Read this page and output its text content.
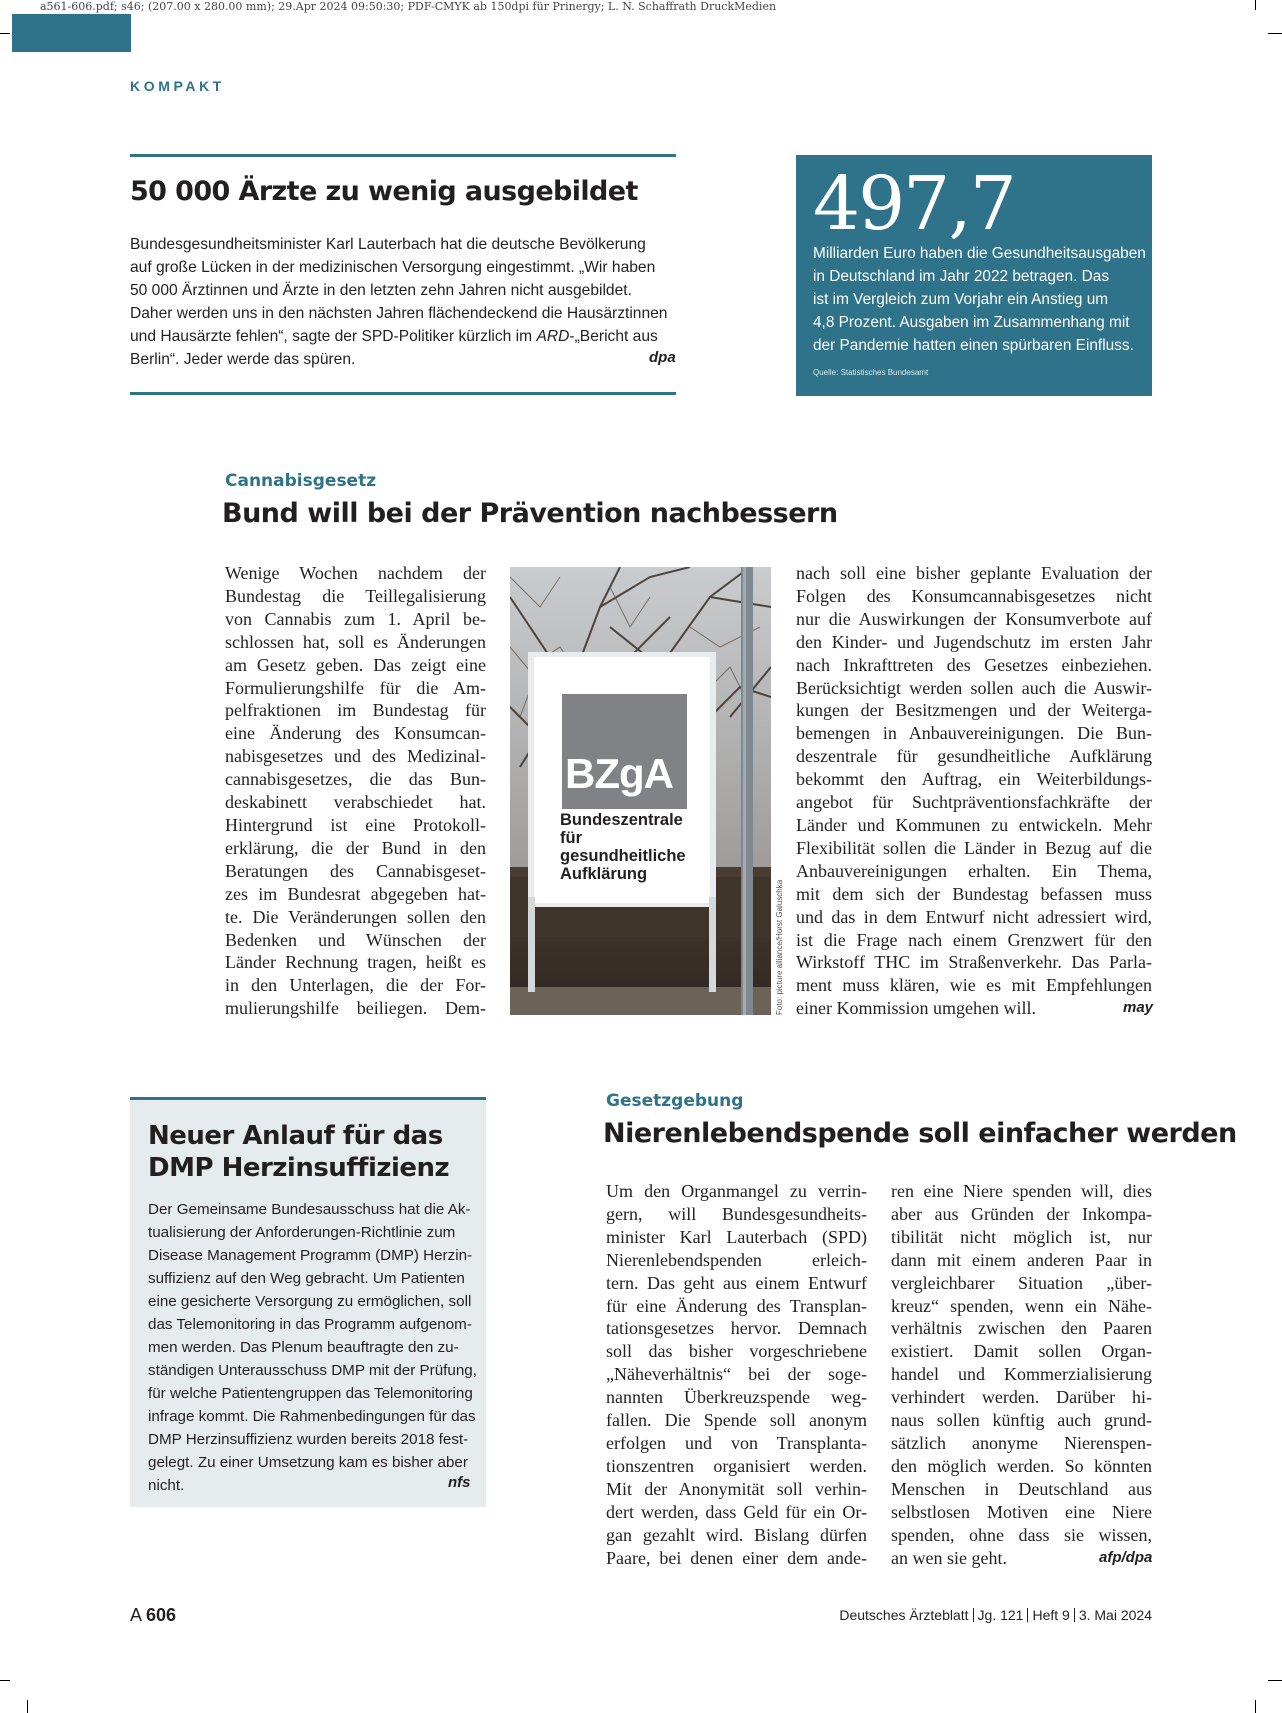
a561-606.pdf; s46; (207.00 x 280.00 mm); 29.Apr 2024 09:50:30; PDF-CMYK ab 150dpi für Prinergy; L. N. Schaffrath DruckMedien
KOMPAKT
50 000 Ärzte zu wenig ausgebildet
Bundesgesundheitsminister Karl Lauterbach hat die deutsche Bevölkerung
auf große Lücken in der medizinischen Versorgung eingestimmt. „Wir haben
50 000 Ärztinnen und Ärzte in den letzten zehn Jahren nicht ausgebildet.
Daher werden uns in den nächsten Jahren flächendeckend die Hausärztinnen
und Hausärzte fehlen“, sagte der SPD-Politiker kürzlich im ARD-„Bericht aus
Berlin“. Jeder werde das spüren.	dpa
497,7
Milliarden Euro haben die Gesundheitsausgaben
in Deutschland im Jahr 2022 betragen. Das
ist im Vergleich zum Vorjahr ein Anstieg um
4,8 Prozent. Ausgaben im Zusammenhang mit
der Pandemie hatten einen spürbaren Einfluss.
Quelle: Statistisches Bundesamt
Cannabisgesetz
Bund will bei der Prävention nachbessern
Wenige Wochen nachdem der
Bundestag die Teillegalisierung
von Cannabis zum 1. April be-
schlossen hat, soll es Änderungen
am Gesetz geben. Das zeigt eine
Formulierungshilfe für die Am-
pelfraktionen im Bundestag für
eine Änderung des Konsumcan-
nabisgesetzes und des Medizinal-
cannabisgesetzes, die das Bun-
deskabinett verabschiedet hat.
Hintergrund ist eine Protokoll-
erklärung, die der Bund in den
Beratungen des Cannabisgeset-
zes im Bundesrat abgegeben hat-
te. Die Veränderungen sollen den
Bedenken und Wünschen der
Länder Rechnung tragen, heißt es
in den Unterlagen, die der For-
mulierungshilfe beiliegen. Dem-
BZgA
Bundeszentrale
für
gesundheitliche
Aufklärung
Foto: picture alliance/Horst Galuschka
nach soll eine bisher geplante Evaluation der
Folgen des Konsumcannabisgesetzes nicht
nur die Auswirkungen der Konsumverbote auf
den Kinder- und Jugendschutz im ersten Jahr
nach Inkrafttreten des Gesetzes einbeziehen.
Berücksichtigt werden sollen auch die Auswir-
kungen der Besitzmengen und der Weiterga-
bemengen in Anbauvereinigungen. Die Bun-
deszentrale für gesundheitliche Aufklärung
bekommt den Auftrag, ein Weiterbildungs-
angebot für Suchtpräventionsfachkräfte der
Länder und Kommunen zu entwickeln. Mehr
Flexibilität sollen die Länder in Bezug auf die
Anbauvereinigungen erhalten. Ein Thema,
mit dem sich der Bundestag befassen muss
und das in dem Entwurf nicht adressiert wird,
ist die Frage nach einem Grenzwert für den
Wirkstoff THC im Straßenverkehr. Das Parla-
ment muss klären, wie es mit Empfehlungen
einer Kommission umgehen will.	may
Neuer Anlauf für das
DMP Herzinsuffizienz
Der Gemeinsame Bundesausschuss hat die Ak-
tualisierung der Anforderungen-Richtlinie zum
Disease Management Programm (DMP) Herzin-
suffizienz auf den Weg gebracht. Um Patienten
eine gesicherte Versorgung zu ermöglichen, soll
das Telemonitoring in das Programm aufgenom-
men werden. Das Plenum beauftragte den zu-
ständigen Unterausschuss DMP mit der Prüfung,
für welche Patientengruppen das Telemonitoring
infrage kommt. Die Rahmenbedingungen für das
DMP Herzinsuffizienz wurden bereits 2018 fest-
gelegt. Zu einer Umsetzung kam es bisher aber
nicht.	nfs
Gesetzgebung
Nierenlebendspende soll einfacher werden
Um den Organmangel zu verrin-
gern, will Bundesgesundheits-
minister Karl Lauterbach (SPD)
Nierenlebendspenden erleich-
tern. Das geht aus einem Entwurf
für eine Änderung des Transplan-
tationsgesetzes hervor. Demnach
soll das bisher vorgeschriebene
„Näheverhältnis“ bei der soge-
nannten Überkreuzspende weg-
fallen. Die Spende soll anonym
erfolgen und von Transplanta-
tionszentren organisiert werden.
Mit der Anonymität soll verhin-
dert werden, dass Geld für ein Or-
gan gezahlt wird. Bislang dürfen
Paare, bei denen einer dem ande-
ren eine Niere spenden will, dies
aber aus Gründen der Inkompa-
tibilität nicht möglich ist, nur
dann mit einem anderen Paar in
vergleichbarer Situation „über-
kreuz“ spenden, wenn ein Nähe-
verhältnis zwischen den Paaren
existiert. Damit sollen Organ-
handel und Kommerzialisierung
verhindert werden. Darüber hi-
naus sollen künftig auch grund-
sätzlich anonyme Nierenspen-
den möglich werden. So könnten
Menschen in Deutschland aus
selbstlosen Motiven eine Niere
spenden, ohne dass sie wissen,
an wen sie geht.	afp/dpa
A 606	Deutsches Ärzteblatt Jg. 121 Heft 9 3. Mai 2024
